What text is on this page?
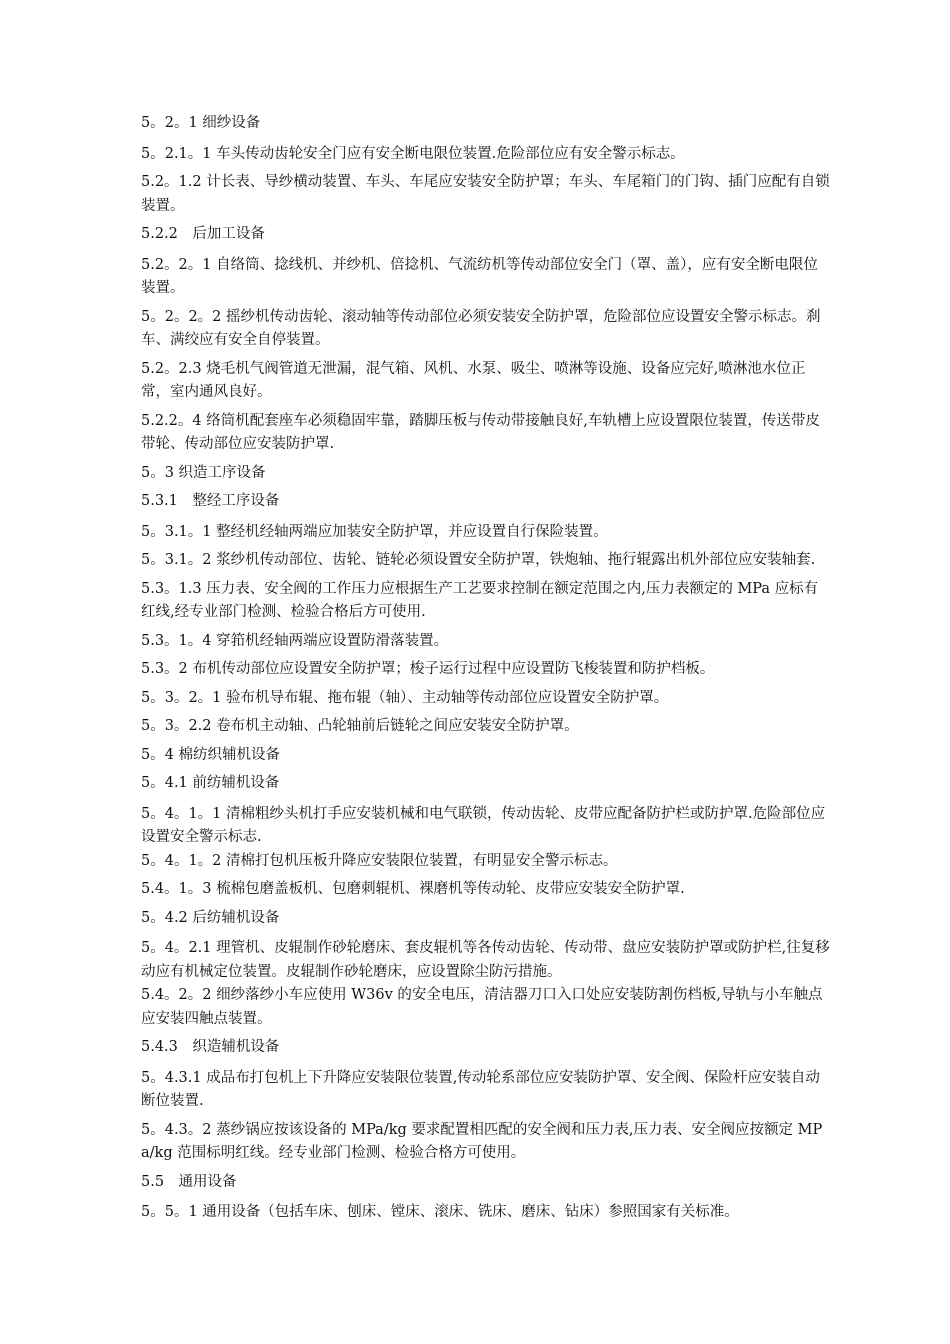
5。2。1 细纱设备

5。2.1。1 车头传动齿轮安全门应有安全断电限位装置.危险部位应有安全警示标志。

5.2。1.2 计长表、导纱横动装置、车头、车尾应安装安全防护罩；车头、车尾箱门的门钩、插门应配有自锁装置。

5.2.2　后加工设备

5.2。2。1 自络筒、捻线机、并纱机、倍捻机、气流纺机等传动部位安全门（罩、盖），应有安全断电限位装置。

5。2。2。2 摇纱机传动齿轮、滚动轴等传动部位必须安装安全防护罩，危险部位应设置安全警示标志。刹车、满绞应有安全自停装置。

5.2。2.3 烧毛机气阀管道无泄漏，混气箱、风机、水泵、吸尘、喷淋等设施、设备应完好,喷淋池水位正常，室内通风良好。

5.2.2。4 络筒机配套座车必须稳固牢靠，踏脚压板与传动带接触良好,车轨槽上应设置限位装置，传送带皮带轮、传动部位应安装防护罩.

5。3 织造工序设备

5.3.1　整经工序设备

5。3.1。1 整经机经轴两端应加装安全防护罩，并应设置自行保险装置。

5。3.1。2 浆纱机传动部位、齿轮、链轮必须设置安全防护罩，铁炮轴、拖行辊露出机外部位应安装轴套.

5.3。1.3 压力表、安全阀的工作压力应根据生产工艺要求控制在额定范围之内,压力表额定的 MPa 应标有红线,经专业部门检测、检验合格后方可使用.

5.3。1。4 穿筘机经轴两端应设置防滑落装置。

5.3。2 布机传动部位应设置安全防护罩；梭子运行过程中应设置防飞梭装置和防护档板。

5。3。2。1 验布机导布辊、拖布辊（轴）、主动轴等传动部位应设置安全防护罩。

5。3。2.2 卷布机主动轴、凸轮轴前后链轮之间应安装安全防护罩。

5。4 棉纺织辅机设备

5。4.1 前纺辅机设备

5。4。1。1 清棉粗纱头机打手应安装机械和电气联锁，传动齿轮、皮带应配备防护栏或防护罩.危险部位应设置安全警示标志.

5。4。1。2 清棉打包机压板升降应安装限位装置，有明显安全警示标志。

5.4。1。3 梳棉包磨盖板机、包磨刺辊机、裸磨机等传动轮、皮带应安装安全防护罩.

5。4.2 后纺辅机设备

5。4。2.1 理管机、皮辊制作砂轮磨床、套皮辊机等各传动齿轮、传动带、盘应安装防护罩或防护栏,往复移动应有机械定位装置。皮辊制作砂轮磨床，应设置除尘防污措施。

5.4。2。2 细纱落纱小车应使用 W36v 的安全电压，清洁器刀口入口处应安装防割伤档板,导轨与小车触点应安装四触点装置。

5.4.3　织造辅机设备

5。4.3.1 成品布打包机上下升降应安装限位装置,传动轮系部位应安装防护罩、安全阀、保险杆应安装自动断位装置.

5。4.3。2 蒸纱锅应按该设备的 MPa/kg 要求配置相匹配的安全阀和压力表,压力表、安全阀应按额定 MPa/kg 范围标明红线。经专业部门检测、检验合格方可使用。

5.5　通用设备

5。5。1 通用设备（包括车床、刨床、镗床、滚床、铣床、磨床、钻床）参照国家有关标准。
